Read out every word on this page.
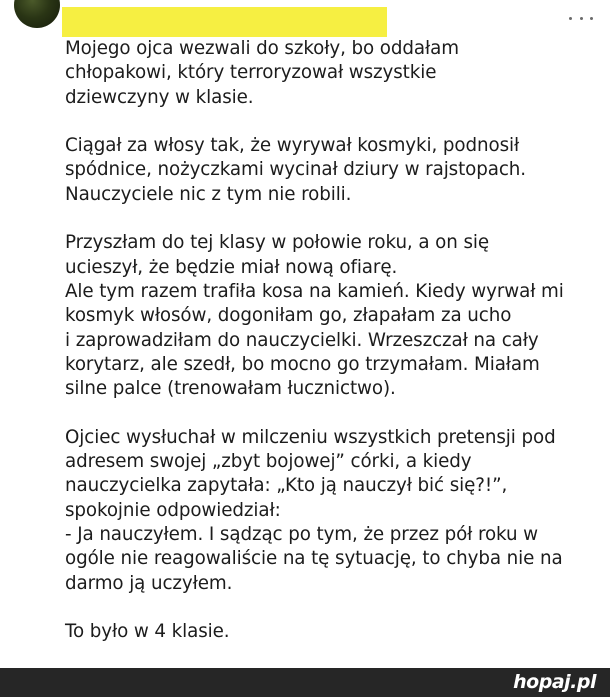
Mojego ojca wezwali do szkoły, bo oddałam
chłopakowi, który terroryzował wszystkie
dziewczyny w klasie.

Ciągał za włosy tak, że wyrywał kosmyki, podnosił
spódnice, nożyczkami wycinał dziury w rajstopach.
Nauczyciele nic z tym nie robili.

Przyszłam do tej klasy w połowie roku, a on się
ucieszył, że będzie miał nową ofiarę.
Ale tym razem trafiła kosa na kamień. Kiedy wyrwał mi
kosmyk włosów, dogoniłam go, złapałam za ucho
i zaprowadziłam do nauczycielki. Wrzeszczał na cały
korytarz, ale szedł, bo mocno go trzymałam. Miałam
silne palce (trenowałam łucznictwo).

Ojciec wysłuchał w milczeniu wszystkich pretensji pod
adresem swojej „zbyt bojowej” córki, a kiedy
nauczycielka zapytała: „Kto ją nauczył bić się?!”,
spokojnie odpowiedział:
- Ja nauczyłem. I sądząc po tym, że przez pół roku w
ogóle nie reagowaliście na tę sytuację, to chyba nie na
darmo ją uczyłem.

To było w 4 klasie.

hopaj.pl
